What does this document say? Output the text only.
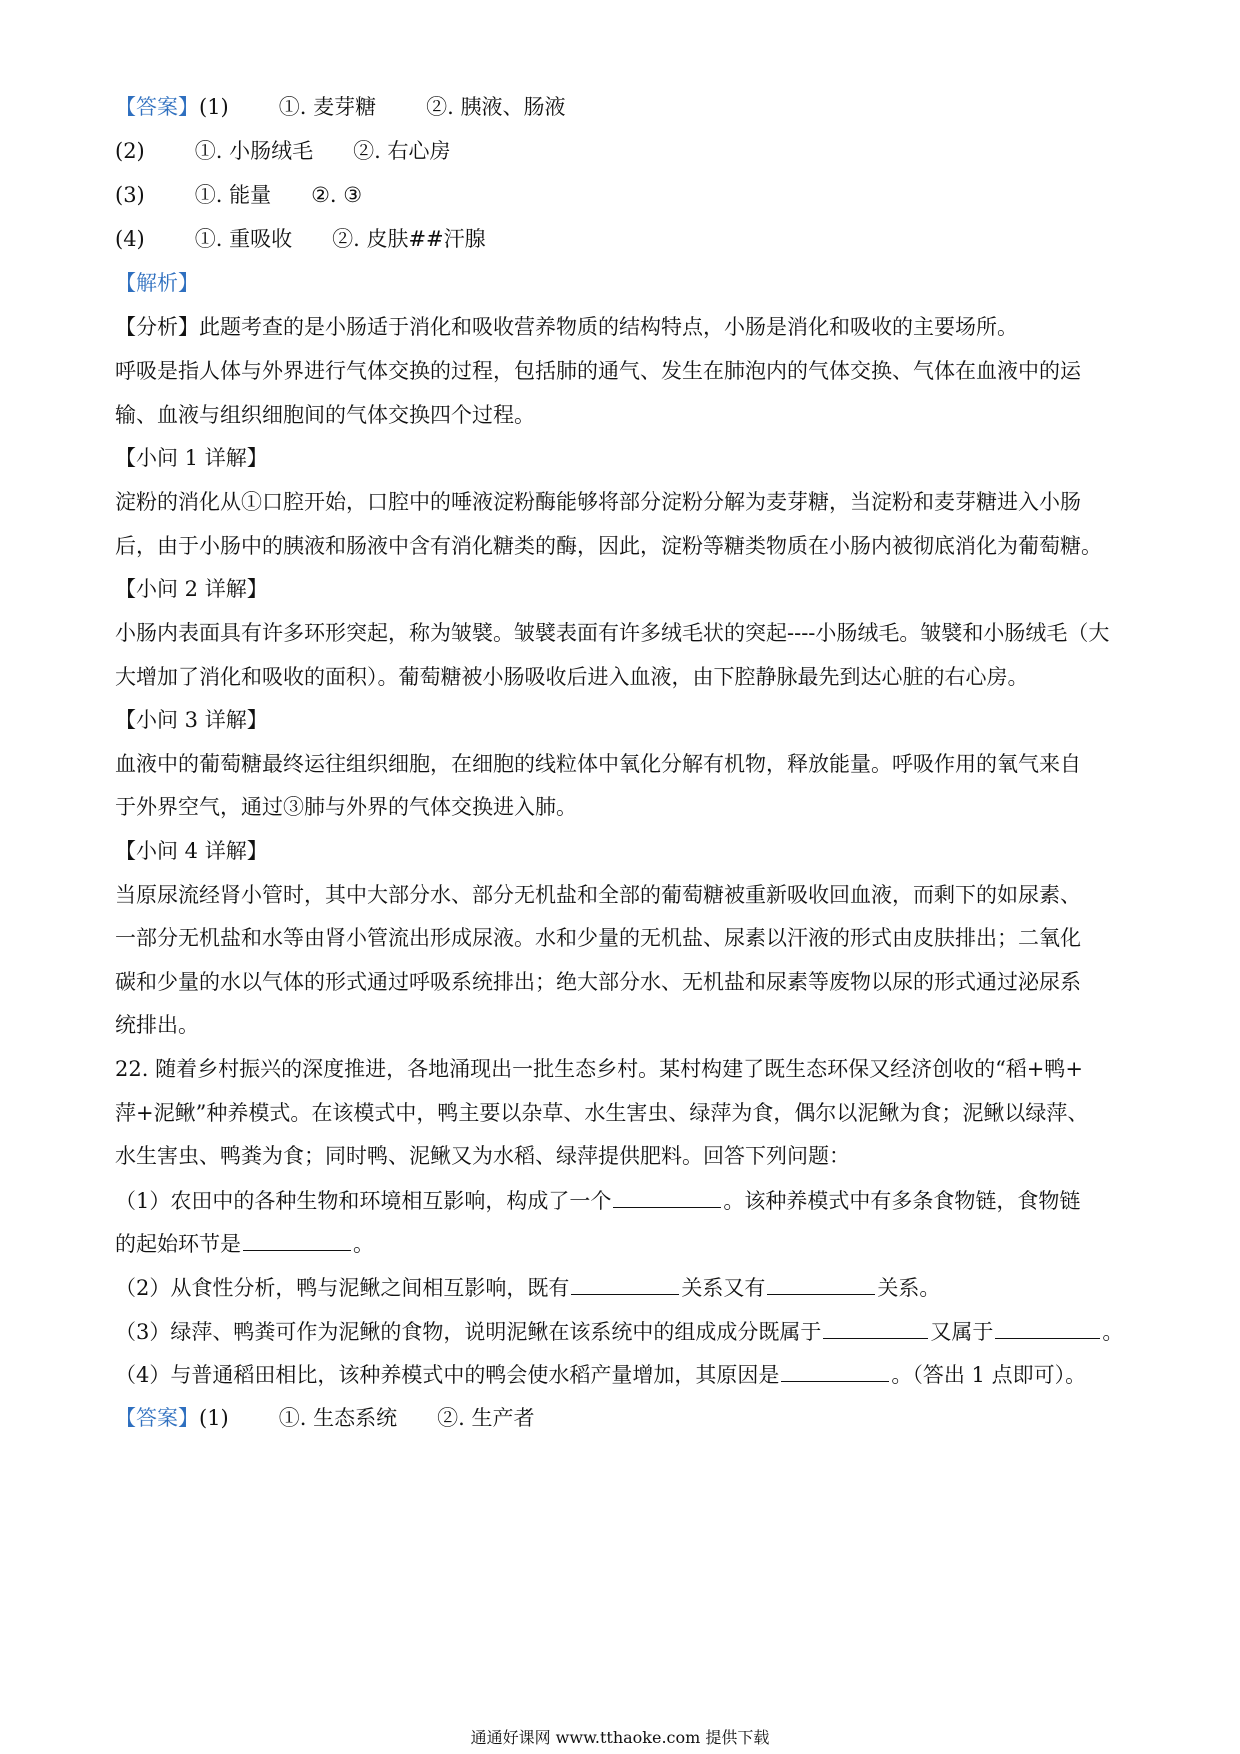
【答案】(1) ①. 麦芽糖 ②. 胰液、肠液
(2) ①. 小肠绒毛 ②. 右心房
(3) ①. 能量 ②. ③
(4) ①. 重吸收 ②. 皮肤##汗腺
【解析】
【分析】此题考查的是小肠适于消化和吸收营养物质的结构特点，小肠是消化和吸收的主要场所。
呼吸是指人体与外界进行气体交换的过程，包括肺的通气、发生在肺泡内的气体交换、气体在血液中的运
输、血液与组织细胞间的气体交换四个过程。
【小问 1 详解】
淀粉的消化从①口腔开始，口腔中的唾液淀粉酶能够将部分淀粉分解为麦芽糖，当淀粉和麦芽糖进入小肠
后，由于小肠中的胰液和肠液中含有消化糖类的酶，因此，淀粉等糖类物质在小肠内被彻底消化为葡萄糖。
【小问 2 详解】
小肠内表面具有许多环形突起，称为皱襞。皱襞表面有许多绒毛状的突起----小肠绒毛。皱襞和小肠绒毛（大
大增加了消化和吸收的面积）。葡萄糖被小肠吸收后进入血液，由下腔静脉最先到达心脏的右心房。
【小问 3 详解】
血液中的葡萄糖最终运往组织细胞，在细胞的线粒体中氧化分解有机物，释放能量。呼吸作用的氧气来自
于外界空气，通过③肺与外界的气体交换进入肺。
【小问 4 详解】
当原尿流经肾小管时，其中大部分水、部分无机盐和全部的葡萄糖被重新吸收回血液，而剩下的如尿素、
一部分无机盐和水等由肾小管流出形成尿液。水和少量的无机盐、尿素以汗液的形式由皮肤排出；二氧化
碳和少量的水以气体的形式通过呼吸系统排出；绝大部分水、无机盐和尿素等废物以尿的形式通过泌尿系
统排出。
22. 随着乡村振兴的深度推进，各地涌现出一批生态乡村。某村构建了既生态环保又经济创收的“稻+鸭+
萍+泥鳅”种养模式。在该模式中，鸭主要以杂草、水生害虫、绿萍为食，偶尔以泥鳅为食；泥鳅以绿萍、
水生害虫、鸭粪为食；同时鸭、泥鳅又为水稻、绿萍提供肥料。回答下列问题：
（1）农田中的各种生物和环境相互影响，构成了一个	。该种养模式中有多条食物链，食物链
的起始环节是	。
（2）从食性分析，鸭与泥鳅之间相互影响，既有	关系又有	关系。
（3）绿萍、鸭粪可作为泥鳅的食物，说明泥鳅在该系统中的组成成分既属于	又属于	。
（4）与普通稻田相比，该种养模式中的鸭会使水稻产量增加，其原因是	。（答出 1 点即可）。
【答案】(1) ①. 生态系统 ②. 生产者
通通好课网 www.tthaoke.com 提供下载
